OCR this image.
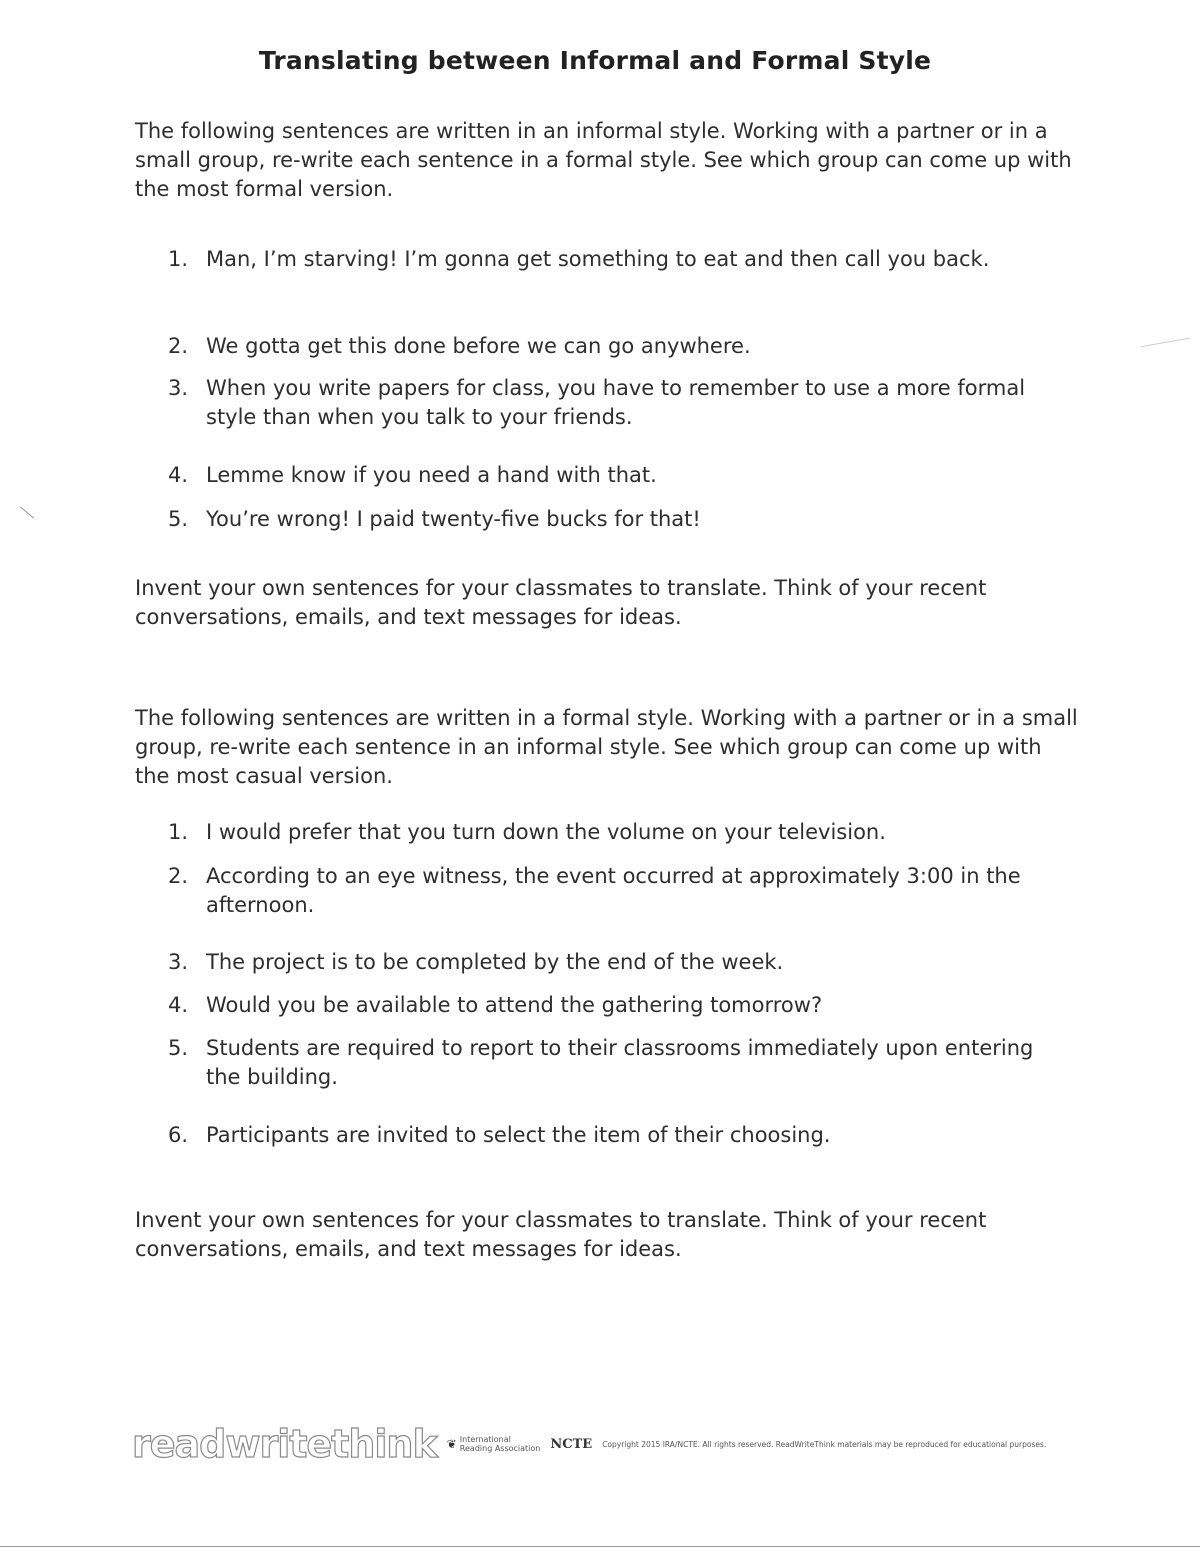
Translating between Informal and Formal Style
The following sentences are written in an informal style. Working with a partner or in a small group, re-write each sentence in a formal style. See which group can come up with the most formal version.
1. Man, I’m starving! I’m gonna get something to eat and then call you back.
2. We gotta get this done before we can go anywhere.
3. When you write papers for class, you have to remember to use a more formal style than when you talk to your friends.
4. Lemme know if you need a hand with that.
5. You’re wrong! I paid twenty-five bucks for that!
Invent your own sentences for your classmates to translate. Think of your recent conversations, emails, and text messages for ideas.
The following sentences are written in a formal style. Working with a partner or in a small group, re-write each sentence in an informal style. See which group can come up with the most casual version.
1. I would prefer that you turn down the volume on your television.
2. According to an eye witness, the event occurred at approximately 3:00 in the afternoon.
3. The project is to be completed by the end of the week.
4. Would you be available to attend the gathering tomorrow?
5. Students are required to report to their classrooms immediately upon entering the building.
6. Participants are invited to select the item of their choosing.
Invent your own sentences for your classmates to translate. Think of your recent conversations, emails, and text messages for ideas.
readwritethink ❦ International
Reading Association NCTE Copyright 2015 IRA/NCTE. All rights reserved. ReadWriteThink materials may be reproduced for educational purposes.
